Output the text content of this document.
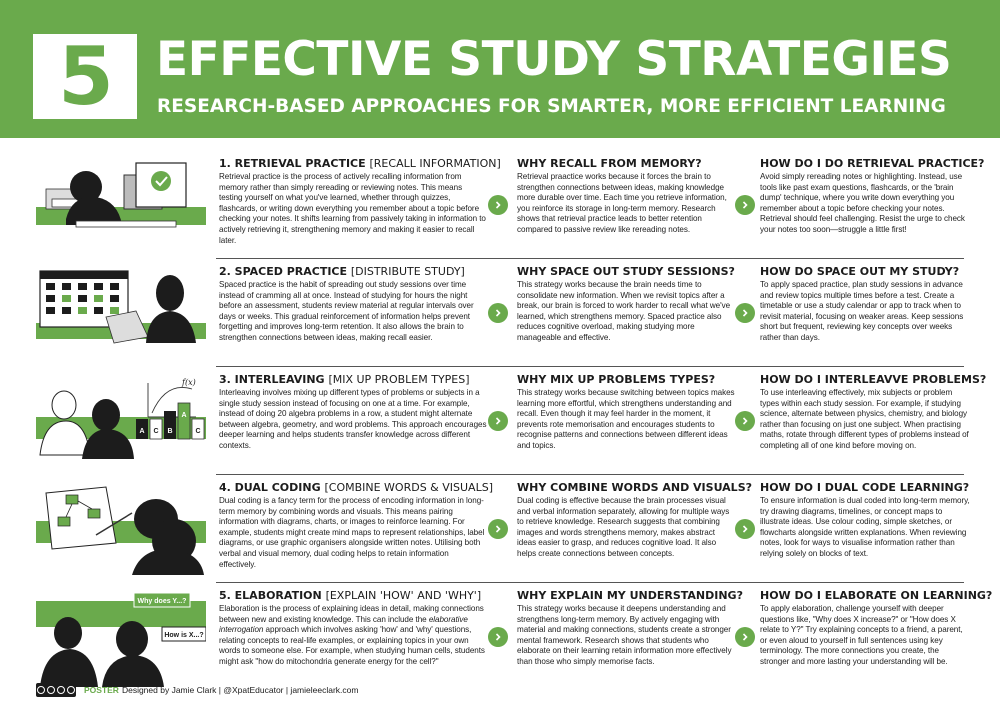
5 EFFECTIVE STUDY STRATEGIES
RESEARCH-BASED APPROACHES FOR SMARTER, MORE EFFICIENT LEARNING
1. RETRIEVAL PRACTICE [RECALL INFORMATION]

Retrieval practice is the process of actively recalling information from memory rather than simply rereading or reviewing notes. This means testing yourself on what you've learned, whether through quizzes, flashcards, or writing down everything you remember about a topic before checking your notes. It shifts learning from passively taking in information to actively retrieving it, strengthening memory and making it easier to recall later.

WHY RECALL FROM MEMORY?

Retrieval praactice works because it forces the brain to strengthen connections between ideas, making knowledge more durable over time. Each time you retrieve information, you reinforce its storage in long-term memory. Research shows that retrieval practice leads to better retention compared to passive review like rereading notes.

HOW DO I DO RETRIEVAL PRACTICE?

Avoid simply rereading notes or highlighting. Instead, use tools like past exam questions, flashcards, or the 'brain dump' technique, where you write down everything you remember about a topic before checking your notes. Retrieval should feel challenging. Resist the urge to check your notes too soon—struggle a little first!

2. SPACED PRACTICE [DISTRIBUTE STUDY]

Spaced practice is the habit of spreading out study sessions over time instead of cramming all at once. Instead of studying for hours the night before an assessment, students review material at regular intervals over days or weeks. This gradual reinforcement of information helps prevent forgetting and improves long-term retention. It also allows the brain to strengthen connections between ideas, making recall easier.

WHY SPACE OUT STUDY SESSIONS?

This strategy works because the brain needs time to consolidate new information. When we revisit topics after a break, our brain is forced to work harder to recall what we've learned, which strengthens memory. Spaced practice also reduces cognitive overload, making studying more manageable and effective.

HOW DO SPACE OUT MY STUDY?

To apply spaced practice, plan study sessions in advance and review topics multiple times before a test. Create a timetable or use a study calendar or app to track when to revisit material, focusing on weaker areas. Keep sessions short but frequent, reviewing key concepts over weeks rather than days.

f(x)
A C B
A
C
3. INTERLEAVING [MIX UP PROBLEM TYPES]

Interleaving involves mixing up different types of problems or subjects in a single study session instead of focusing on one at a time. For example, instead of doing 20 algebra problems in a row, a student might alternate between algebra, geometry, and word problems. This approach encourages deeper learning and helps students transfer knowledge across different contexts.

WHY MIX UP PROBLEMS TYPES?

This strategy works because switching between topics makes learning more effortful, which strengthens understanding and recall. Even though it may feel harder in the moment, it prevents rote memorisation and encourages students to recognise patterns and connections between different ideas and topics.

HOW DO I INTERLEAVVE PROBLEMS?

To use interleaving effectively, mix subjects or problem types within each study session. For example, if studying science, alternate between physics, chemistry, and biology rather than focusing on just one subject. When practising maths, rotate through different types of problems instead of completing all of one kind before moving on.

4. DUAL CODING [COMBINE WORDS & VISUALS]

Dual coding is a fancy term for the process of encoding information in long-term memory by combining words and visuals. This means pairing information with diagrams, charts, or images to reinforce learning. For example, students might create mind maps to represent relationships, label diagrams, or use graphic organisers alongside written notes. Utilising both verbal and visual memory, dual coding helps to retain information effectively.

WHY COMBINE WORDS AND VISUALS?

Dual coding is effective because the brain processes visual and verbal information separately, allowing for multiple ways to retrieve knowledge. Research suggests that combining images and words strengthens memory, makes abstract ideas easier to grasp, and reduces cognitive load. It also helps create connections between concepts.

HOW DO I DUAL CODE LEARNING?

To ensure information is dual coded into long-term memory, try drawing diagrams, timelines, or concept maps to illustrate ideas. Use colour coding, simple sketches, or flowcharts alongside written explanations. When reviewing notes, look for ways to visualise information rather than relying solely on blocks of text.

Why does Y...?
How is X...?
5. ELABORATION [EXPLAIN 'HOW' AND 'WHY']

Elaboration is the process of explaining ideas in detail, making connections between new and existing knowledge. This can include the elaborative interrogation approach which involves asking 'how' and 'why' questions, relating concepts to real-life examples, or explaining topics in your own words to someone else. For example, when studying human cells, students might ask "how do mitochondria generate energy for the cell?"

WHY EXPLAIN MY UNDERSTANDING?

This strategy works because it deepens understanding and strengthens long-term memory. By actively engaging with material and making connections, students create a stronger mental framework. Research shows that students who elaborate on their learning retain information more effectively than those who simply memorise facts.

HOW DO I ELABORATE ON LEARNING?

To apply elaboration, challenge yourself with deeper questions like, "Why does X increase?" or "How does X relate to Y?" Try explaining concepts to a friend, a parent, or even aloud to yourself in full sentences using key terminology. The more connections you create, the stronger and more lasting your understanding will be.

POSTER Designed by Jamie Clark | @XpatEducator | jamieleeclark.com
